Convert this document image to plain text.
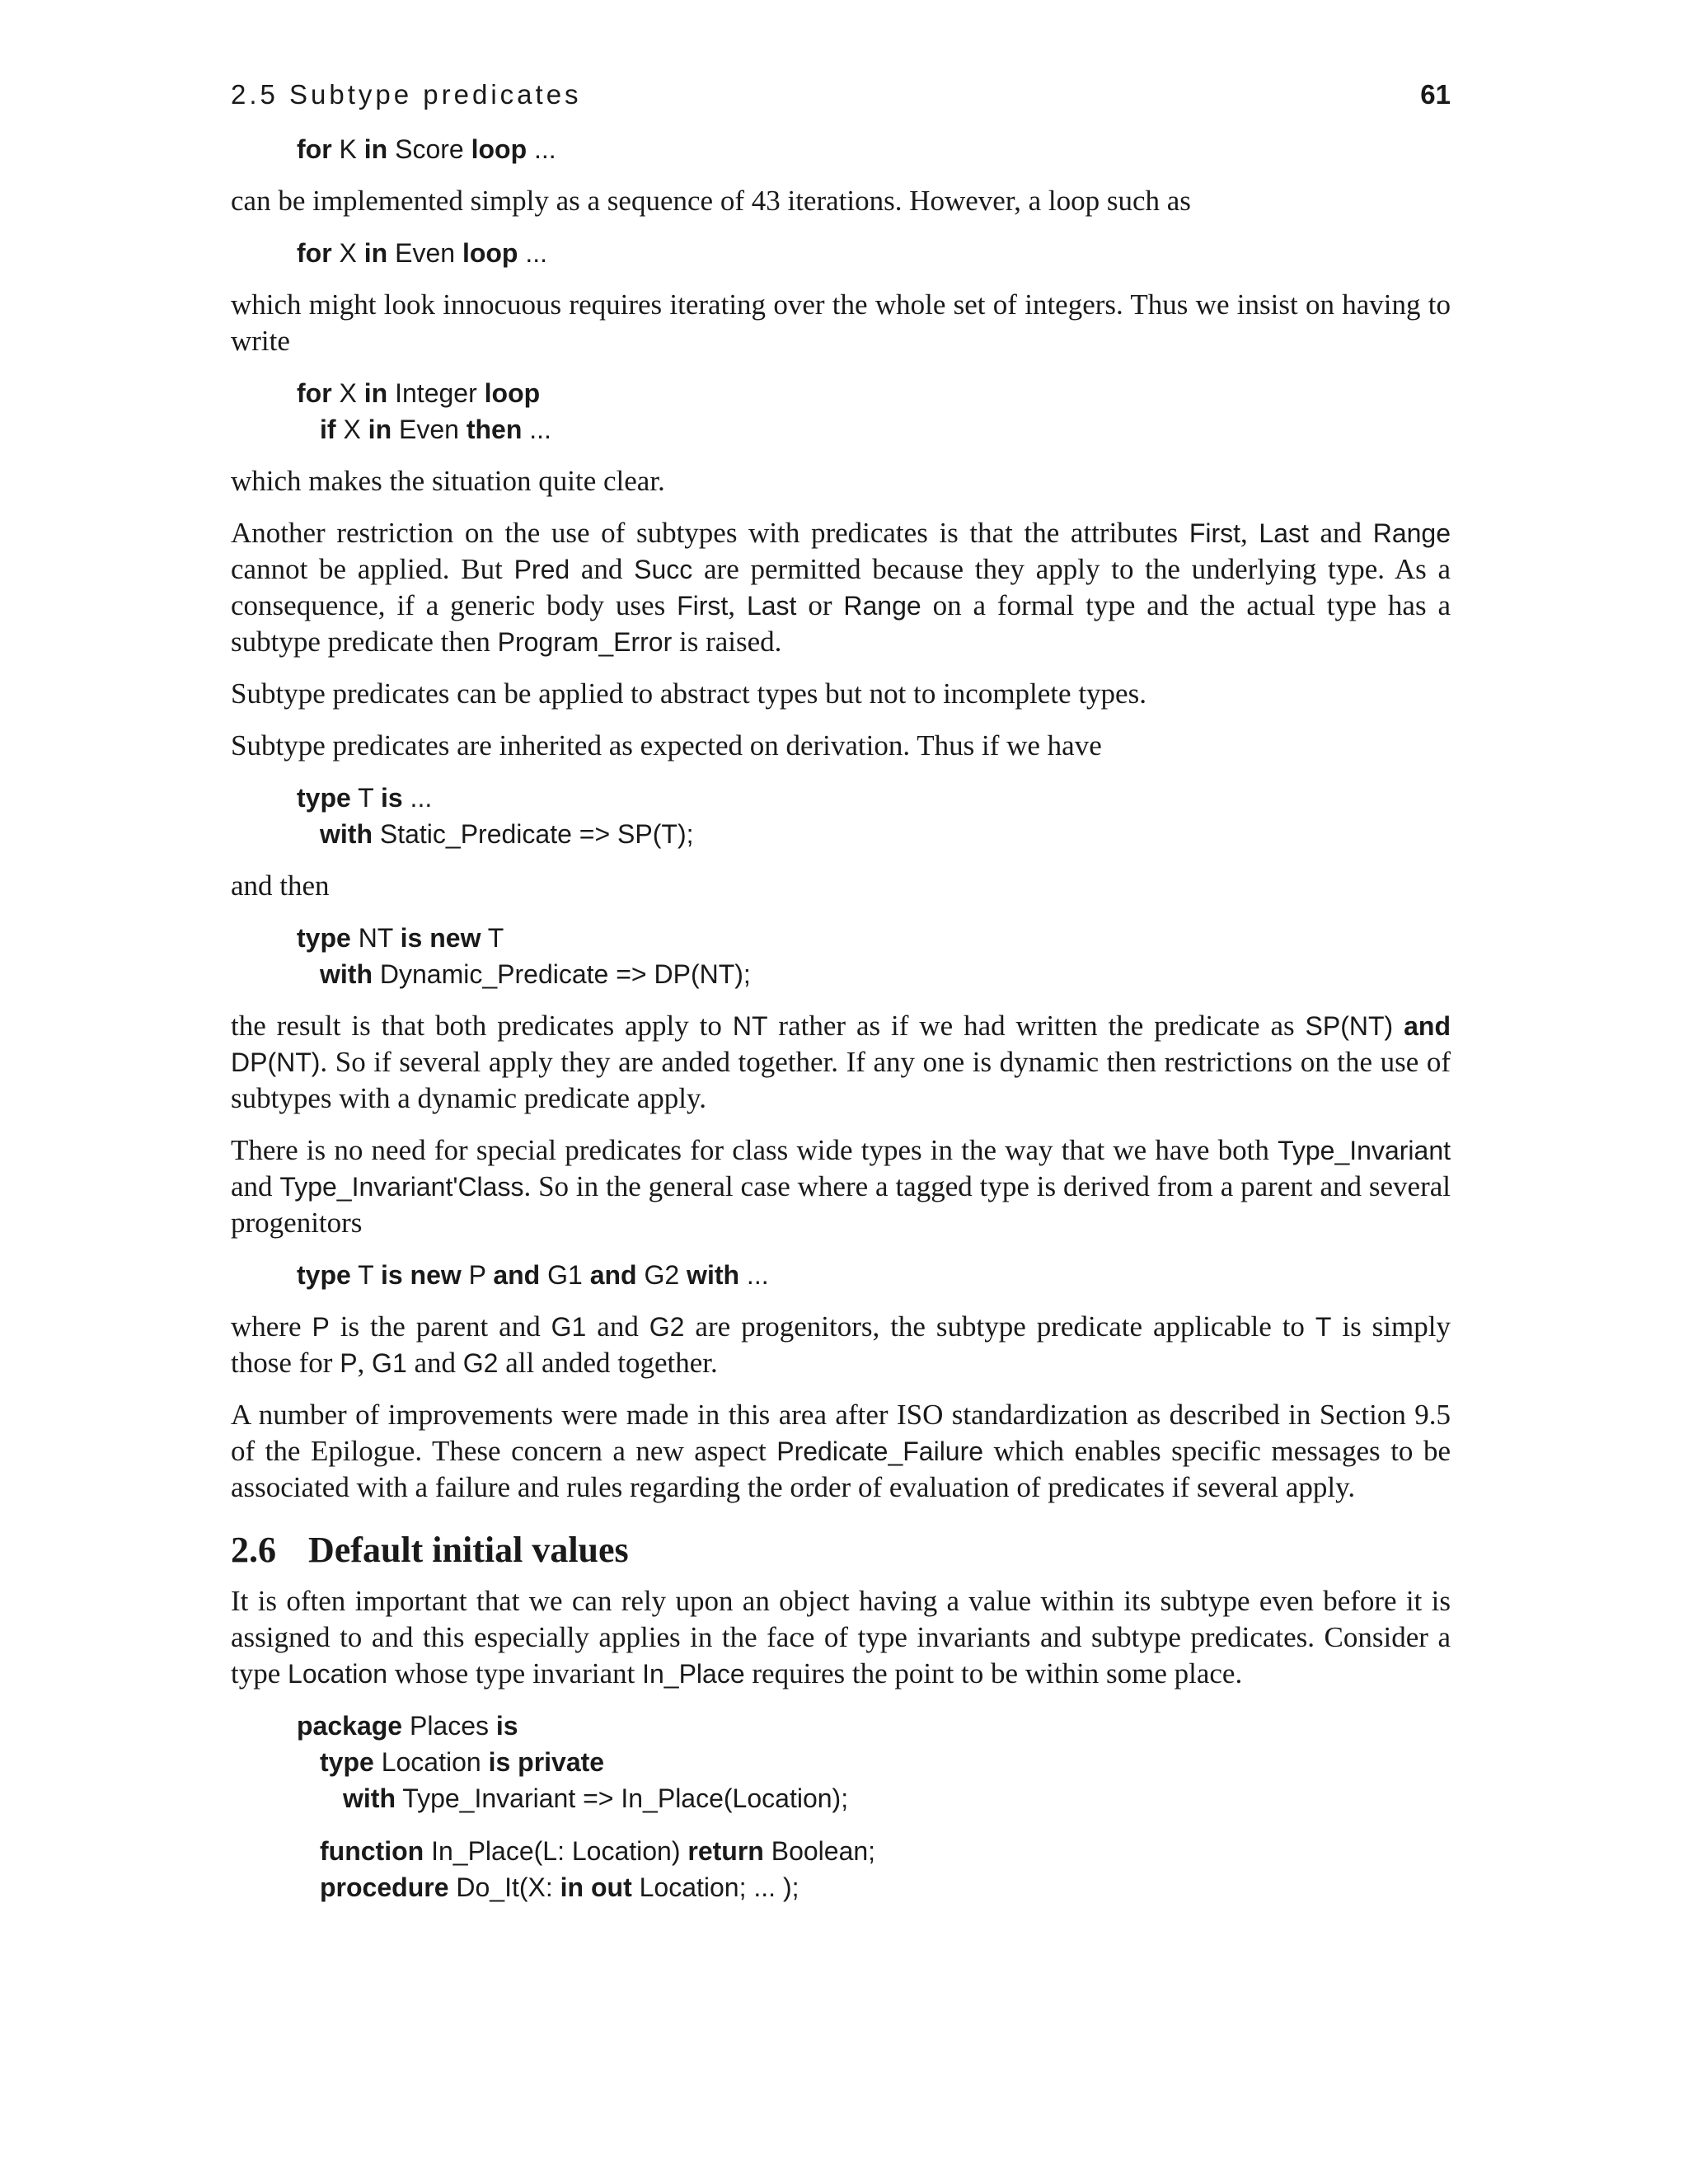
2.5 Subtype predicates	61
for K in Score loop ...

can be implemented simply as a sequence of 43 iterations. However, a loop such as

for X in Even loop ...

which might look innocuous requires iterating over the whole set of integers. Thus we insist on having to write

for X in Integer loop
if X in Even then ...

which makes the situation quite clear.

Another restriction on the use of subtypes with predicates is that the attributes First, Last and Range cannot be applied. But Pred and Succ are permitted because they apply to the underlying type. As a consequence, if a generic body uses First, Last or Range on a formal type and the actual type has a subtype predicate then Program_Error is raised.

Subtype predicates can be applied to abstract types but not to incomplete types.

Subtype predicates are inherited as expected on derivation. Thus if we have

type T is ...
with Static_Predicate => SP(T);

and then

type NT is new T
with Dynamic_Predicate => DP(NT);

the result is that both predicates apply to NT rather as if we had written the predicate as SP(NT) and DP(NT). So if several apply they are anded together. If any one is dynamic then restrictions on the use of subtypes with a dynamic predicate apply.

There is no need for special predicates for class wide types in the way that we have both Type_Invariant and Type_Invariant'Class. So in the general case where a tagged type is derived from a parent and several progenitors

type T is new P and G1 and G2 with ...

where P is the parent and G1 and G2 are progenitors, the subtype predicate applicable to T is simply those for P, G1 and G2 all anded together.

A number of improvements were made in this area after ISO standardization as described in Section 9.5 of the Epilogue. These concern a new aspect Predicate_Failure which enables specific messages to be associated with a failure and rules regarding the order of evaluation of predicates if several apply.

2.6 Default initial values

It is often important that we can rely upon an object having a value within its subtype even before it is assigned to and this especially applies in the face of type invariants and subtype predicates. Consider a type Location whose type invariant In_Place requires the point to be within some place.

package Places is
type Location is private
with Type_Invariant => In_Place(Location);
function In_Place(L: Location) return Boolean;
procedure Do_It(X: in out Location; ... );
